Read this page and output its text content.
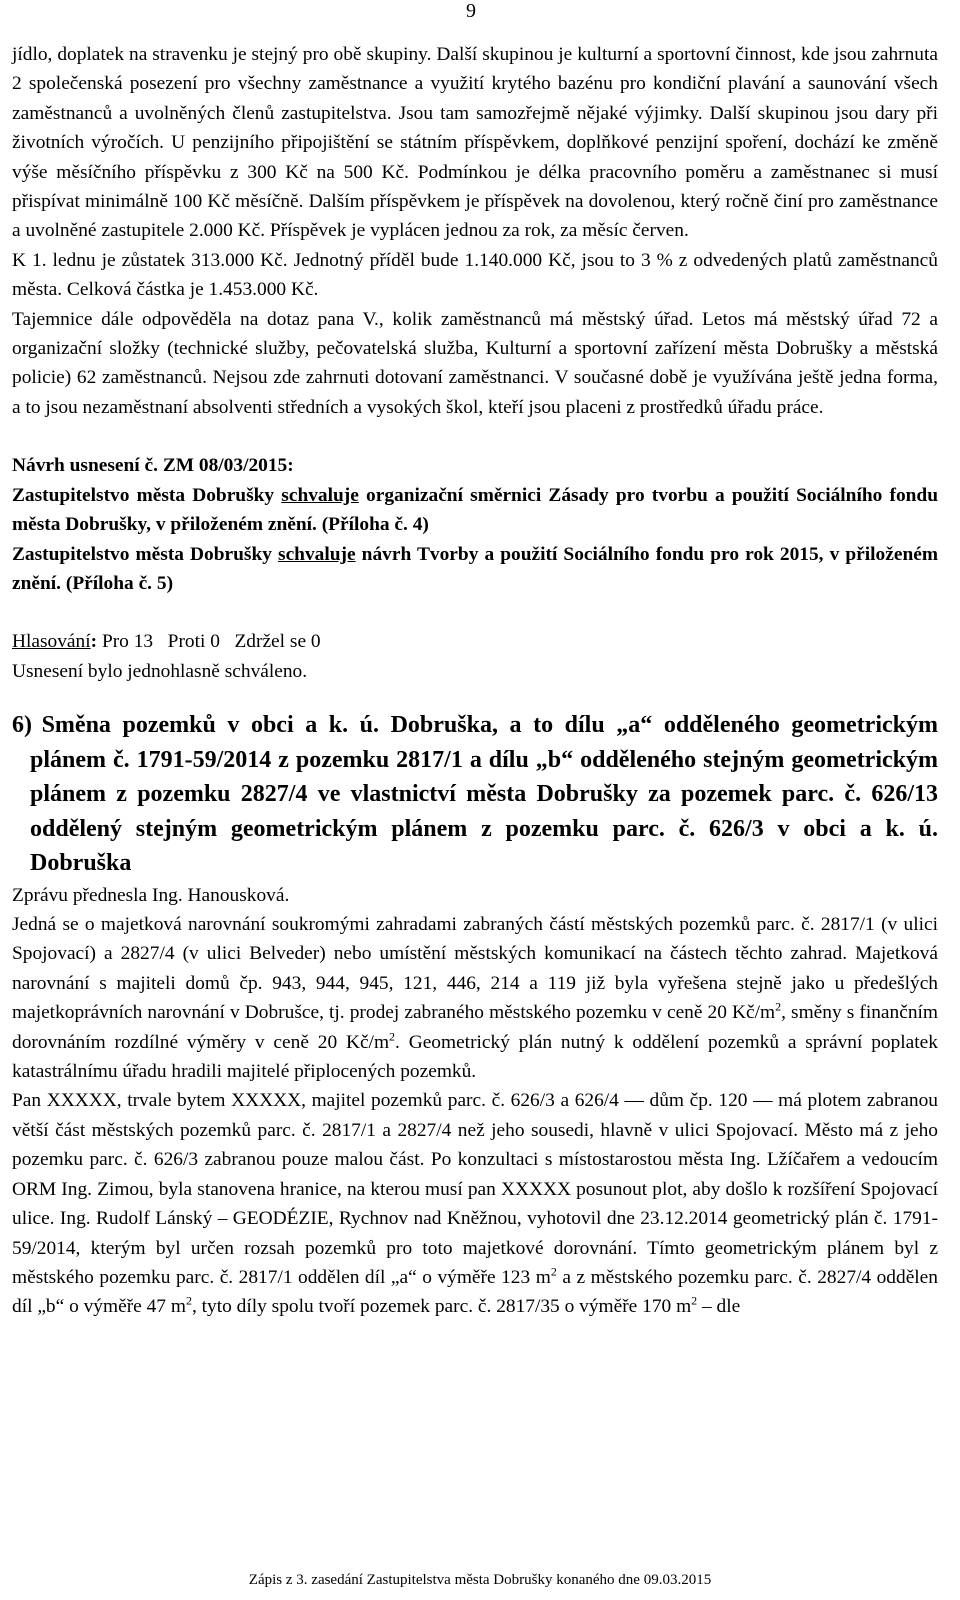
9

jídlo, doplatek na stravenku je stejný pro obě skupiny. Další skupinou je kulturní a sportovní činnost, kde jsou zahrnuta 2 společenská posezení pro všechny zaměstnance a využití krytého bazénu pro kondiční plavání a saunování všech zaměstnanců a uvolněných členů zastupitelstva. Jsou tam samozřejmě nějaké výjimky. Další skupinou jsou dary při životních výročích. U penzijního připojištění se státním příspěvkem, doplňkové penzijní spoření, dochází ke změně výše měsíčního příspěvku z 300 Kč na 500 Kč. Podmínkou je délka pracovního poměru a zaměstnanec si musí přispívat minimálně 100 Kč měsíčně. Dalším příspěvkem je příspěvek na dovolenou, který ročně činí pro zaměstnance a uvolněné zastupitele 2.000 Kč. Příspěvek je vyplácen jednou za rok, za měsíc červen.

K 1. lednu je zůstatek 313.000 Kč. Jednotný příděl bude 1.140.000 Kč, jsou to 3 % z odvedených platů zaměstnanců města. Celková částka je 1.453.000 Kč.

Tajemnice dále odpověděla na dotaz pana V., kolik zaměstnanců má městský úřad. Letos má městský úřad 72 a organizační složky (technické služby, pečovatelská služba, Kulturní a sportovní zařízení města Dobrušky a městská policie) 62 zaměstnanců. Nejsou zde zahrnuti dotovaní zaměstnanci. V současné době je využívána ještě jedna forma, a to jsou nezaměstnaní absolventi středních a vysokých škol, kteří jsou placeni z prostředků úřadu práce.

Návrh usnesení č. ZM 08/03/2015:

Zastupitelstvo města Dobrušky schvaluje organizační směrnici Zásady pro tvorbu a použití Sociálního fondu města Dobrušky, v přiloženém znění. (Příloha č. 4)

Zastupitelstvo města Dobrušky schvaluje návrh Tvorby a použití Sociálního fondu pro rok 2015, v přiloženém znění. (Příloha č. 5)

Hlasování: Pro 13   Proti 0   Zdržel se 0

Usnesení bylo jednohlasně schváleno.

6) Směna pozemků v obci a k. ú. Dobruška, a to dílu „a“ odděleného geometrickým plánem č. 1791-59/2014 z pozemku 2817/1 a dílu „b“ odděleného stejným geometrickým plánem z pozemku 2827/4 ve vlastnictví města Dobrušky za pozemek parc. č. 626/13 oddělený stejným geometrickým plánem z pozemku parc. č. 626/3 v obci a k. ú. Dobruška

Zprávu přednesla Ing. Hanousková.

Jedná se o majetková narovnání soukromými zahradami zabraných částí městských pozemků parc. č. 2817/1 (v ulici Spojovací) a 2827/4 (v ulici Belveder) nebo umístění městských komunikací na částech těchto zahrad. Majetková narovnání s majiteli domů čp. 943, 944, 945, 121, 446, 214 a 119 již byla vyřešena stejně jako u předešlých majetkoprávních narovnání v Dobrušce, tj. prodej zabraného městského pozemku v ceně 20 $Kč/m^2$, směny s finančním dorovnáním rozdílné výměry v ceně 20 $Kč/m^2$. Geometrický plán nutný k oddělení pozemků a správní poplatek katastrálnímu úřadu hradili majitelé připlocených pozemků.

Pan XXXXX, trvale bytem XXXXX, majitel pozemků parc. č. 626/3 a 626/4 — dům čp. 120 — má plotem zabranou větší část městských pozemků parc. č. 2817/1 a 2827/4 než jeho sousedi, hlavně v ulici Spojovací. Město má z jeho pozemku parc. č. 626/3 zabranou pouze malou část. Po konzultaci s místostarostou města Ing. Lžíčařem a vedoucím ORM Ing. Zimou, byla stanovena hranice, na kterou musí pan XXXXX posunout plot, aby došlo k rozšíření Spojovací ulice. Ing. Rudolf Lánský – GEODÉZIE, Rychnov nad Kněžnou, vyhotovil dne 23.12.2014 geometrický plán č. 1791-59/2014, kterým byl určen rozsah pozemků pro toto majetkové dorovnání. Tímto geometrickým plánem byl z městského pozemku parc. č. 2817/1 oddělen díl „a“ o výměře 123 $m^2$ a z městského pozemku parc. č. 2827/4 oddělen díl „b“ o výměře 47 $m^2$, tyto díly spolu tvoří pozemek parc. č. 2817/35 o výměře 170 $m^2$ – dle

Zápis z 3. zasedání Zastupitelstva města Dobrušky konaného dne 09.03.2015
